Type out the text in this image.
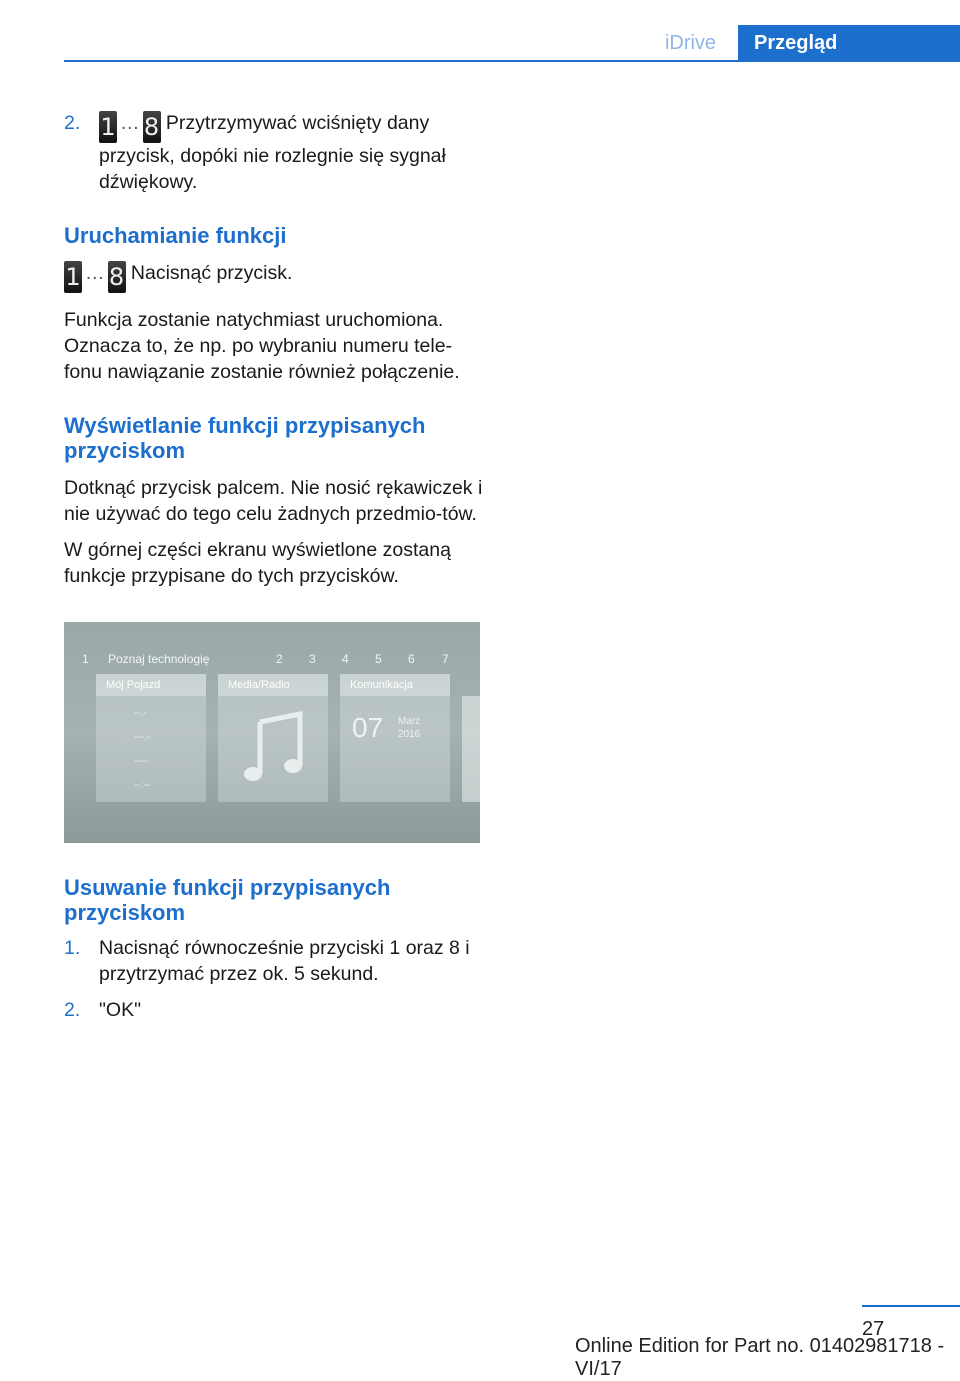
iDrive	Przegląd
2. 1 … 8 Przytrzymywać wciśnięty dany przycisk, dopóki nie rozlegnie się sygnał dźwiękowy.
Uruchamianie funkcji

1 … 8 Nacisnąć przycisk.

Funkcja zostanie natychmiast uruchomiona. Oznacza to, że np. po wybraniu numeru tele-fonu nawiązanie zostanie również połączenie.

Wyświetlanie funkcji przypisanych przyciskom

Dotknąć przycisk palcem. Nie nosić rękawiczek i nie używać do tego celu żadnych przedmio-tów.

W górnej części ekranu wyświetlone zostaną funkcje przypisane do tych przycisków.

1 Poznaj technologię	2 3 4 5 6 7
Mój Pojazd
--.-
---.-
----
--:--
Media/Radio	Komunikacja
07 Marz
2016
Usuwanie funkcji przypisanych przyciskom
1. Nacisnąć równocześnie przyciski 1 oraz 8 i przytrzymać przez ok. 5 sekund.
2. "OK"
27
Online Edition for Part no. 01402981718 - VI/17
